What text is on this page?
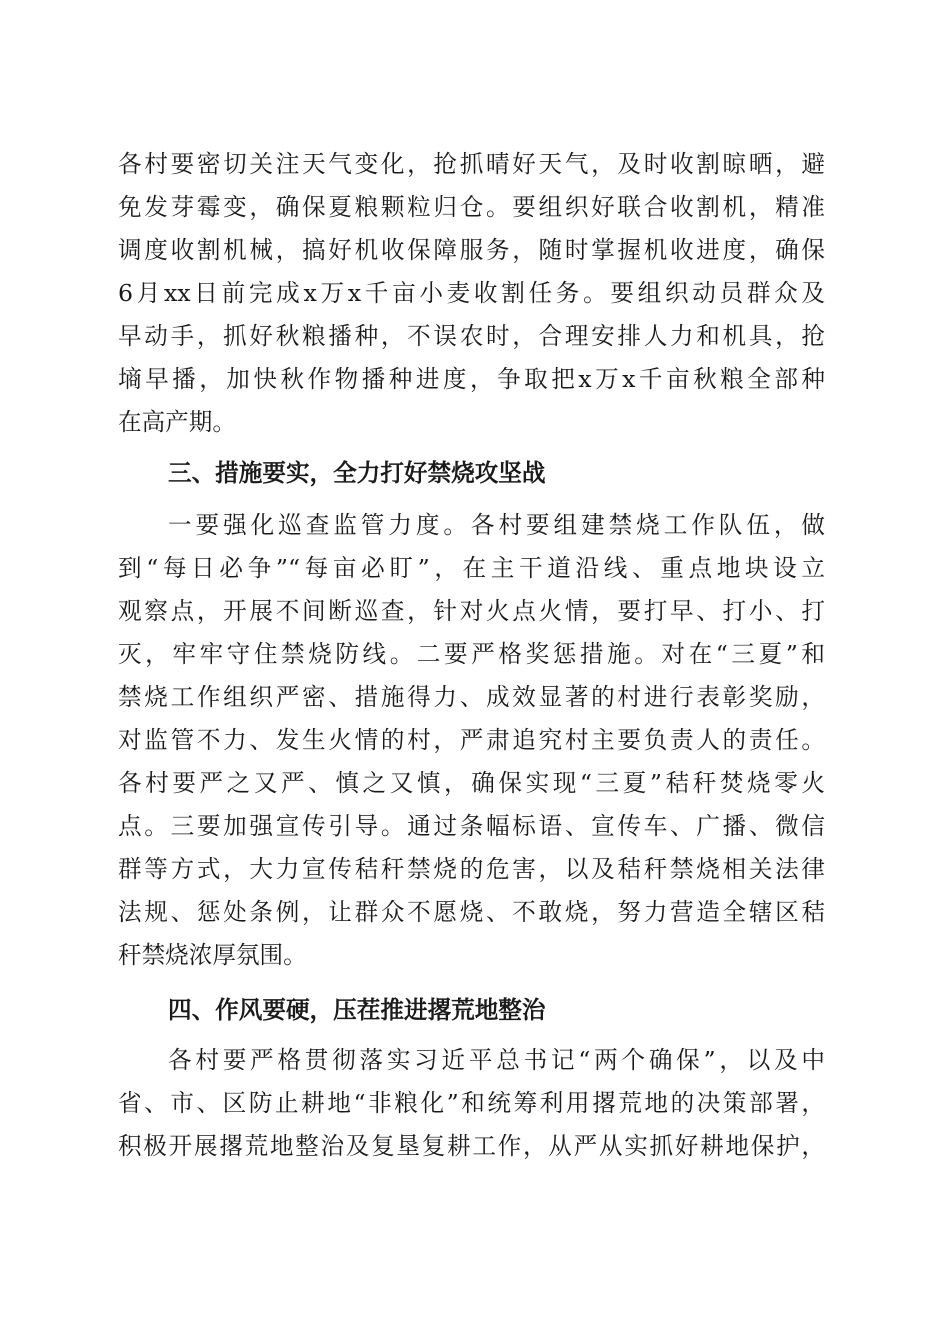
各村要密切关注天气变化，抢抓晴好天气，及时收割晾晒，避
免发芽霉变，确保夏粮颗粒归仓。要组织好联合收割机，精准
调度收割机械，搞好机收保障服务，随时掌握机收进度，确保
6月xx日前完成x万x千亩小麦收割任务。要组织动员群众及
早动手，抓好秋粮播种，不误农时，合理安排人力和机具，抢
墒早播，加快秋作物播种进度，争取把x万x千亩秋粮全部种
在高产期。
三、措施要实，全力打好禁烧攻坚战
一要强化巡查监管力度。各村要组建禁烧工作队伍，做
到“每日必争”“每亩必盯”，在主干道沿线、重点地块设立
观察点，开展不间断巡查，针对火点火情，要打早、打小、打
灭，牢牢守住禁烧防线。二要严格奖惩措施。对在“三夏”和
禁烧工作组织严密、措施得力、成效显著的村进行表彰奖励，
对监管不力、发生火情的村，严肃追究村主要负责人的责任。
各村要严之又严、慎之又慎，确保实现“三夏”秸秆焚烧零火
点。三要加强宣传引导。通过条幅标语、宣传车、广播、微信
群等方式，大力宣传秸秆禁烧的危害，以及秸秆禁烧相关法律
法规、惩处条例，让群众不愿烧、不敢烧，努力营造全辖区秸
秆禁烧浓厚氛围。
四、作风要硬，压茬推进撂荒地整治
各村要严格贯彻落实习近平总书记“两个确保”，以及中
省、市、区防止耕地“非粮化”和统筹利用撂荒地的决策部署，
积极开展撂荒地整治及复垦复耕工作，从严从实抓好耕地保护，
